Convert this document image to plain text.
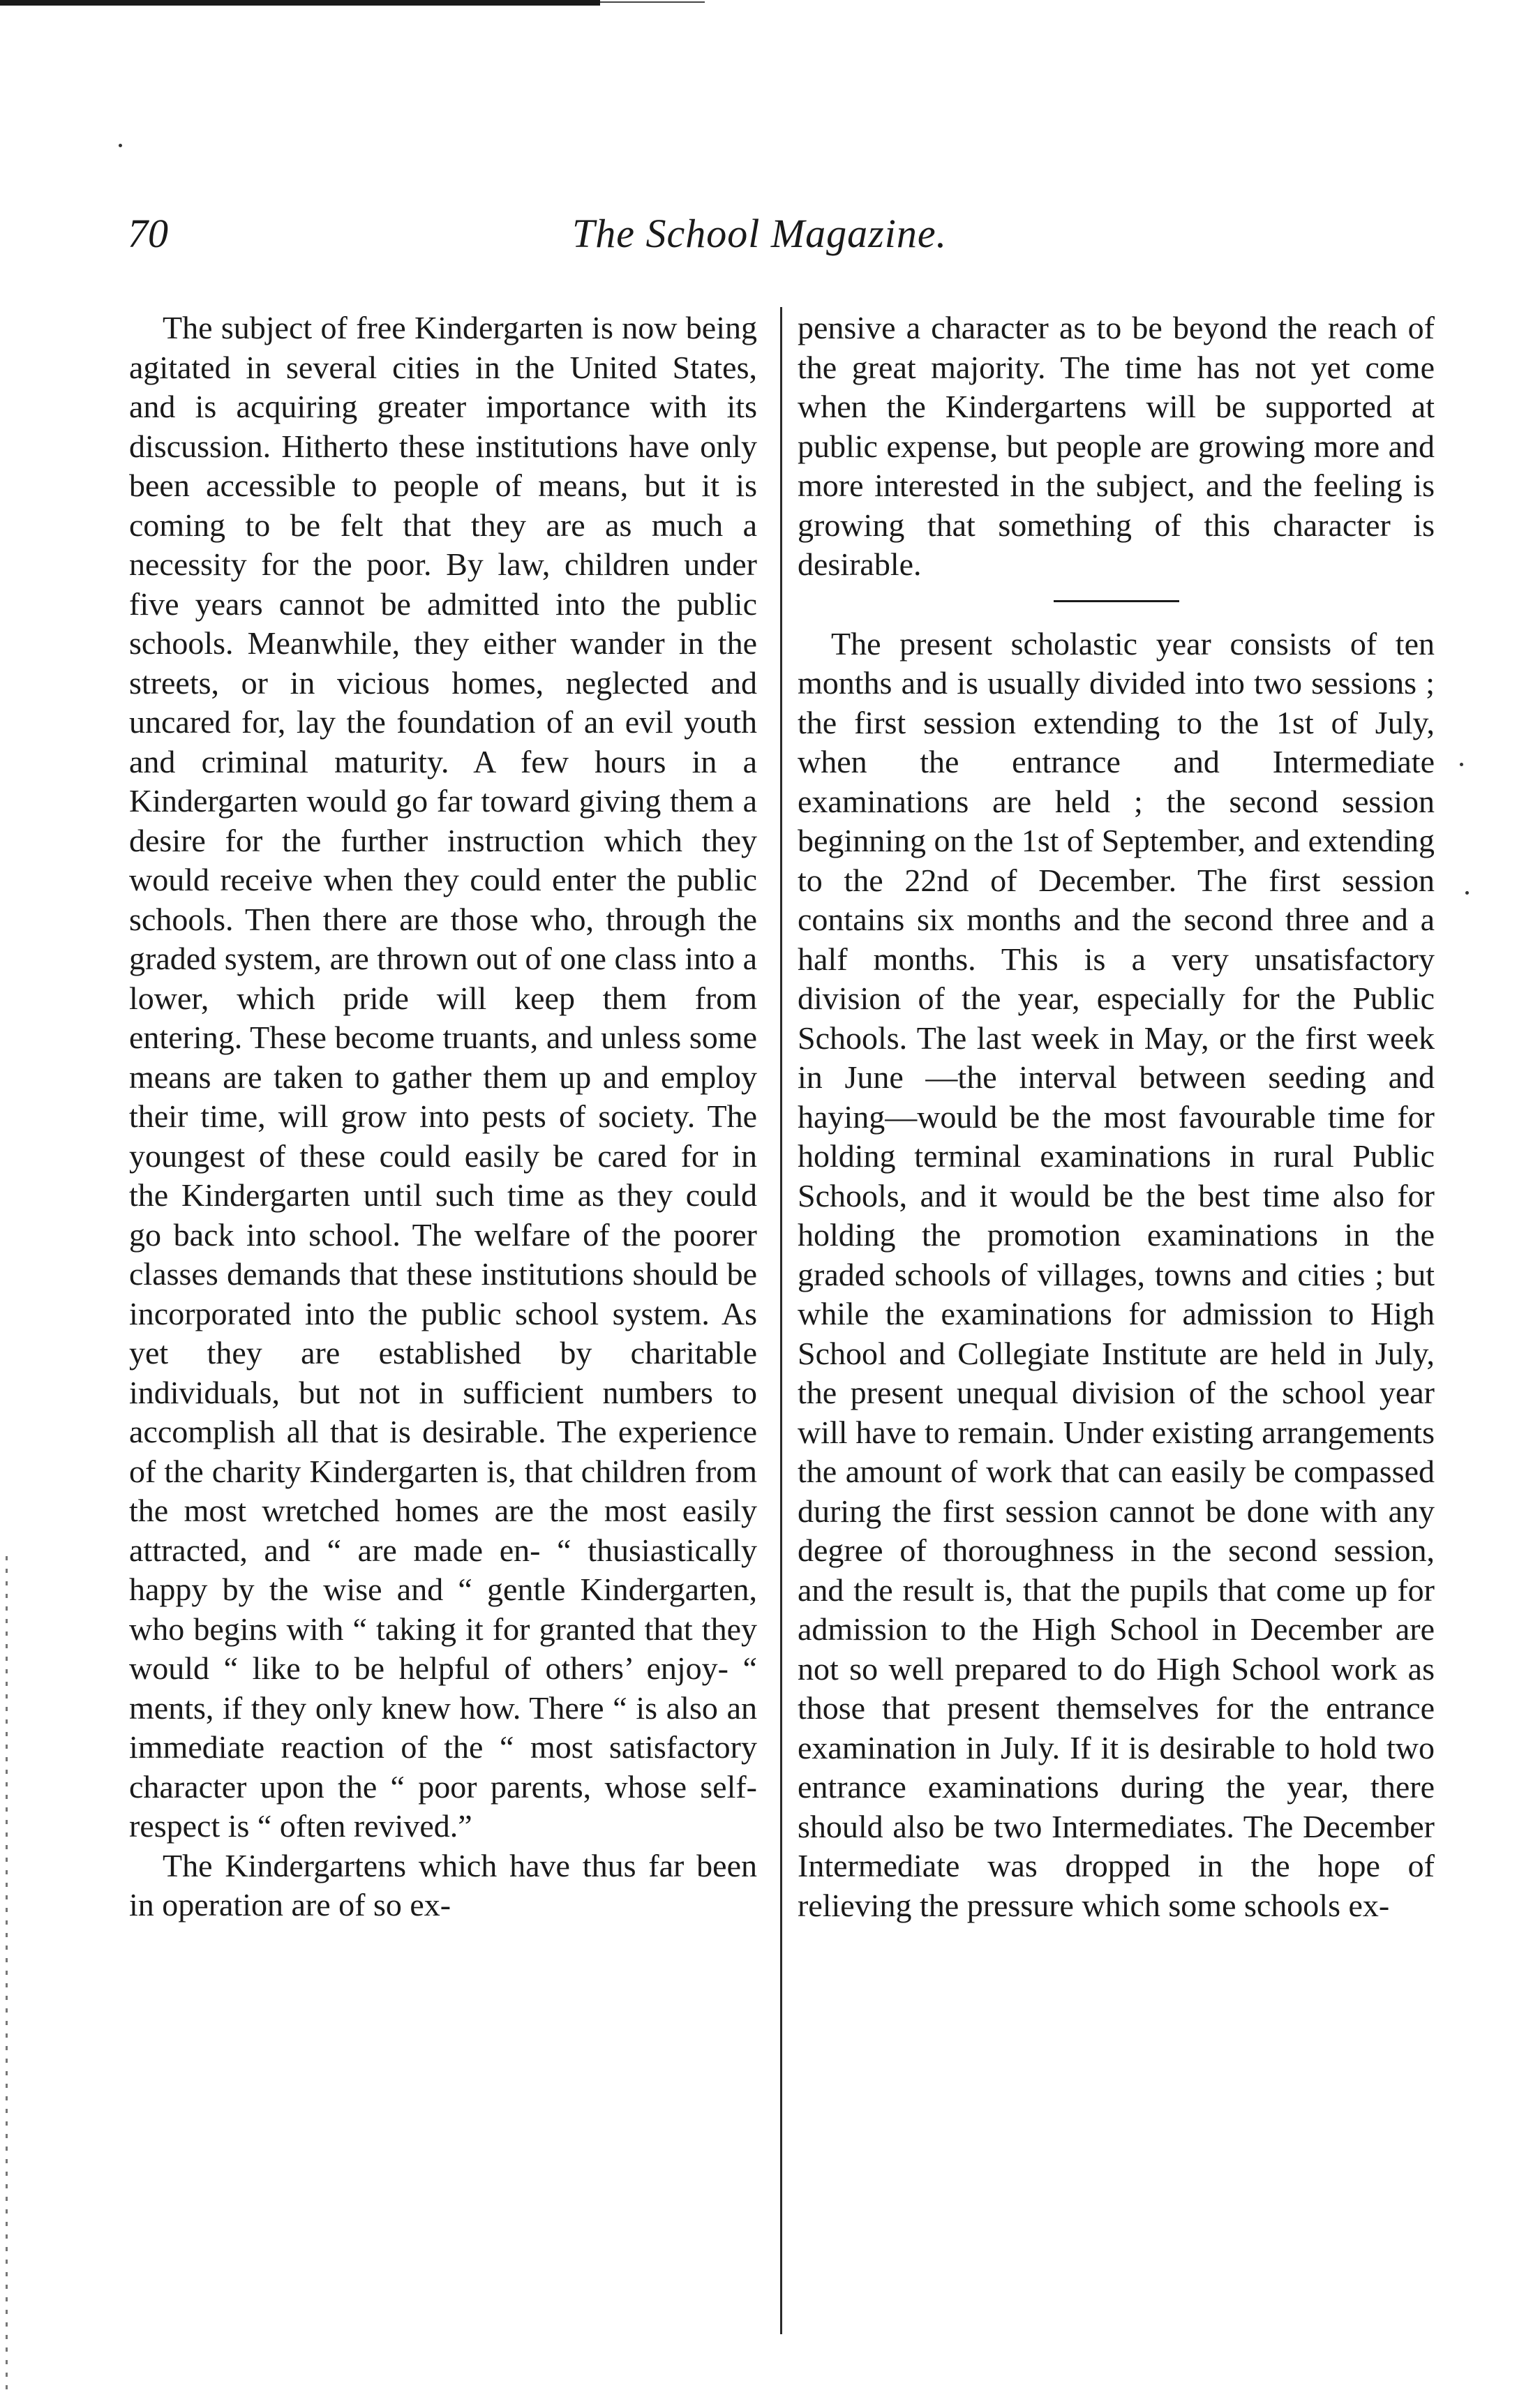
70	The School Magazine.

The subject of free Kindergarten is now being agitated in several cities in the United States, and is acquiring greater importance with its discussion. Hitherto these institutions have only been accessible to people of means, but it is coming to be felt that they are as much a necessity for the poor. By law, children under five years cannot be admitted into the public schools. Meanwhile, they either wander in the streets, or in vicious homes, neglected and uncared for, lay the foundation of an evil youth and criminal maturity. A few hours in a Kindergarten would go far toward giving them a desire for the further instruction which they would receive when they could enter the public schools. Then there are those who, through the graded system, are thrown out of one class into a lower, which pride will keep them from entering. These become truants, and unless some means are taken to gather them up and employ their time, will grow into pests of society. The youngest of these could easily be cared for in the Kindergarten until such time as they could go back into school. The welfare of the poorer classes demands that these institutions should be incorporated into the public school system. As yet they are established by charitable individuals, but not in sufficient numbers to accomplish all that is desirable. The experience of the charity Kindergarten is, that children from the most wretched homes are the most easily attracted, and “ are made en- “ thusiastically happy by the wise and “ gentle Kindergarten, who begins with “ taking it for granted that they would “ like to be helpful of others’ enjoy- “ ments, if they only knew how. There “ is also an immediate reaction of the “ most satisfactory character upon the “ poor parents, whose self-respect is “ often revived.”

The Kindergartens which have thus far been in operation are of so ex-

pensive a character as to be beyond the reach of the great majority. The time has not yet come when the Kindergartens will be supported at public expense, but people are growing more and more interested in the subject, and the feeling is growing that something of this character is desirable.

The present scholastic year consists of ten months and is usually divided into two sessions ; the first session extending to the 1st of July, when the entrance and Intermediate examinations are held ; the second session beginning on the 1st of September, and extending to the 22nd of December. The first session contains six months and the second three and a half months. This is a very unsatisfactory division of the year, especially for the Public Schools. The last week in May, or the first week in June —the interval between seeding and haying—would be the most favourable time for holding terminal examinations in rural Public Schools, and it would be the best time also for holding the promotion examinations in the graded schools of villages, towns and cities ; but while the examinations for admission to High School and Collegiate Institute are held in July, the present unequal division of the school year will have to remain. Under existing arrangements the amount of work that can easily be compassed during the first session cannot be done with any degree of thoroughness in the second session, and the result is, that the pupils that come up for admission to the High School in December are not so well prepared to do High School work as those that present themselves for the entrance examination in July. If it is desirable to hold two entrance examinations during the year, there should also be two Intermediates. The December Intermediate was dropped in the hope of relieving the pressure which some schools ex-
